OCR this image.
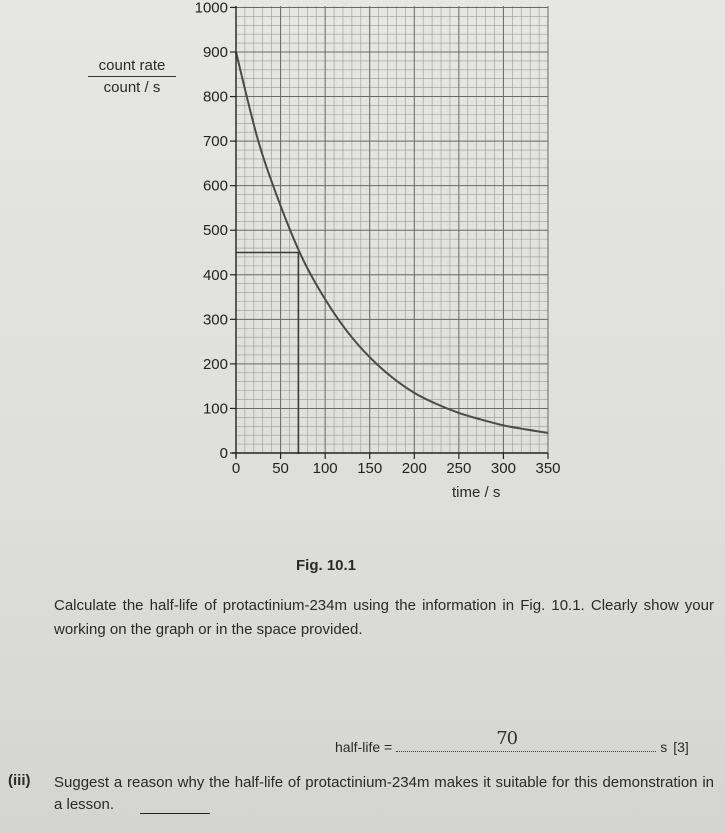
0
100
200
300
400
500
600
700
800
900
1000
0 50 100 150 200 250 300 350
count rate
count / s
time / s
Fig. 10.1
Calculate the half-life of protactinium-234m using the information in Fig. 10.1. Clearly show your working on the graph or in the space provided.
half-life =	70	s [3]
(iii) Suggest a reason why the half-life of protactinium-234m makes it suitable for this demonstration in a lesson.
